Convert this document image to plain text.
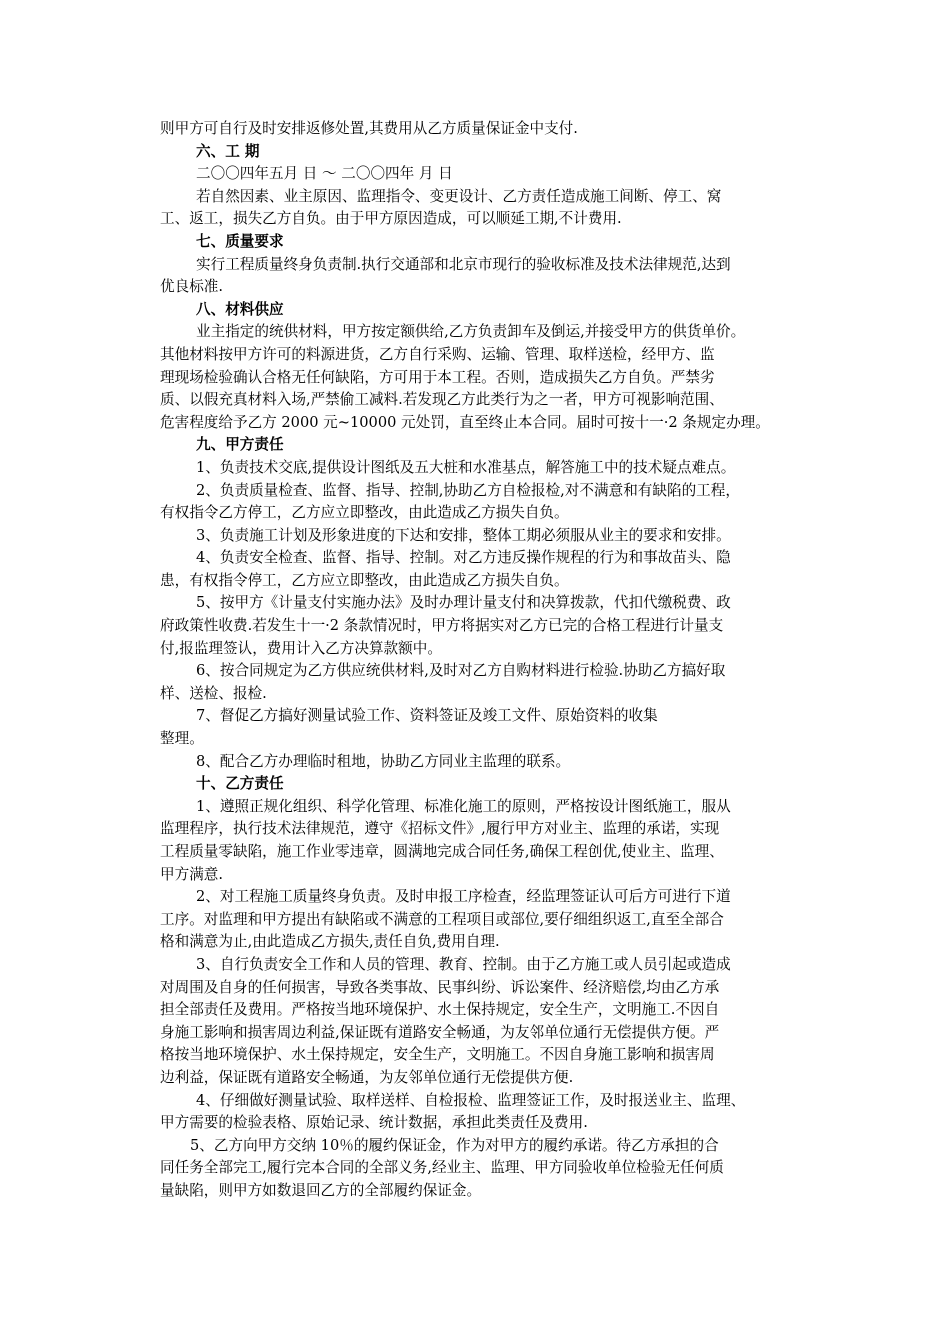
则甲方可自行及时安排返修处置,其费用从乙方质量保证金中支付.
六、工 期
二〇〇四年五月 日 ～ 二〇〇四年 月 日
若自然因素、业主原因、监理指令、变更设计、乙方责任造成施工间断、停工、窝
工、返工，损失乙方自负。由于甲方原因造成，可以顺延工期,不计费用.
七、质量要求
实行工程质量终身负责制.执行交通部和北京市现行的验收标准及技术法律规范,达到
优良标准.
八、材料供应
业主指定的统供材料，甲方按定额供给,乙方负责卸车及倒运,并接受甲方的供货单价。
其他材料按甲方许可的料源进货，乙方自行采购、运输、管理、取样送检，经甲方、监
理现场检验确认合格无任何缺陷，方可用于本工程。否则，造成损失乙方自负。严禁劣
质、以假充真材料入场,严禁偷工减料.若发现乙方此类行为之一者，甲方可视影响范围、
危害程度给予乙方 2000 元~10000 元处罚，直至终止本合同。届时可按十一·2 条规定办理。
九、甲方责任
1、负责技术交底,提供设计图纸及五大桩和水准基点，解答施工中的技术疑点难点。
2、负责质量检查、监督、指导、控制,协助乙方自检报检,对不满意和有缺陷的工程，
有权指令乙方停工，乙方应立即整改，由此造成乙方损失自负。
3、负责施工计划及形象进度的下达和安排，整体工期必须服从业主的要求和安排。
4、负责安全检查、监督、指导、控制。对乙方违反操作规程的行为和事故苗头、隐
患，有权指令停工，乙方应立即整改，由此造成乙方损失自负。
5、按甲方《计量支付实施办法》及时办理计量支付和决算拨款，代扣代缴税费、政
府政策性收费.若发生十一·2 条款情况时，甲方将据实对乙方已完的合格工程进行计量支
付,报监理签认，费用计入乙方决算款额中。
6、按合同规定为乙方供应统供材料,及时对乙方自购材料进行检验.协助乙方搞好取
样、送检、报检.
7、督促乙方搞好测量试验工作、资料签证及竣工文件、原始资料的收集
整理。
8、配合乙方办理临时租地，协助乙方同业主监理的联系。
十、乙方责任
1、遵照正规化组织、科学化管理、标准化施工的原则，严格按设计图纸施工，服从
监理程序，执行技术法律规范，遵守《招标文件》,履行甲方对业主、监理的承诺，实现
工程质量零缺陷，施工作业零违章，圆满地完成合同任务,确保工程创优,使业主、监理、
甲方满意.
2、对工程施工质量终身负责。及时申报工序检查，经监理签证认可后方可进行下道
工序。对监理和甲方提出有缺陷或不满意的工程项目或部位,要仔细组织返工,直至全部合
格和满意为止,由此造成乙方损失,责任自负,费用自理.
3、自行负责安全工作和人员的管理、教育、控制。由于乙方施工或人员引起或造成
对周围及自身的任何损害，导致各类事故、民事纠纷、诉讼案件、经济赔偿,均由乙方承
担全部责任及费用。严格按当地环境保护、水土保持规定，安全生产，文明施工.不因自
身施工影响和损害周边利益,保证既有道路安全畅通，为友邻单位通行无偿提供方便。严
格按当地环境保护、水土保持规定，安全生产，文明施工。不因自身施工影响和损害周
边利益，保证既有道路安全畅通，为友邻单位通行无偿提供方便.
4、仔细做好测量试验、取样送样、自检报检、监理签证工作，及时报送业主、监理、
甲方需要的检验表格、原始记录、统计数据，承担此类责任及费用.
5、乙方向甲方交纳 10％的履约保证金，作为对甲方的履约承诺。待乙方承担的合
同任务全部完工,履行完本合同的全部义务,经业主、监理、甲方同验收单位检验无任何质
量缺陷，则甲方如数退回乙方的全部履约保证金。
